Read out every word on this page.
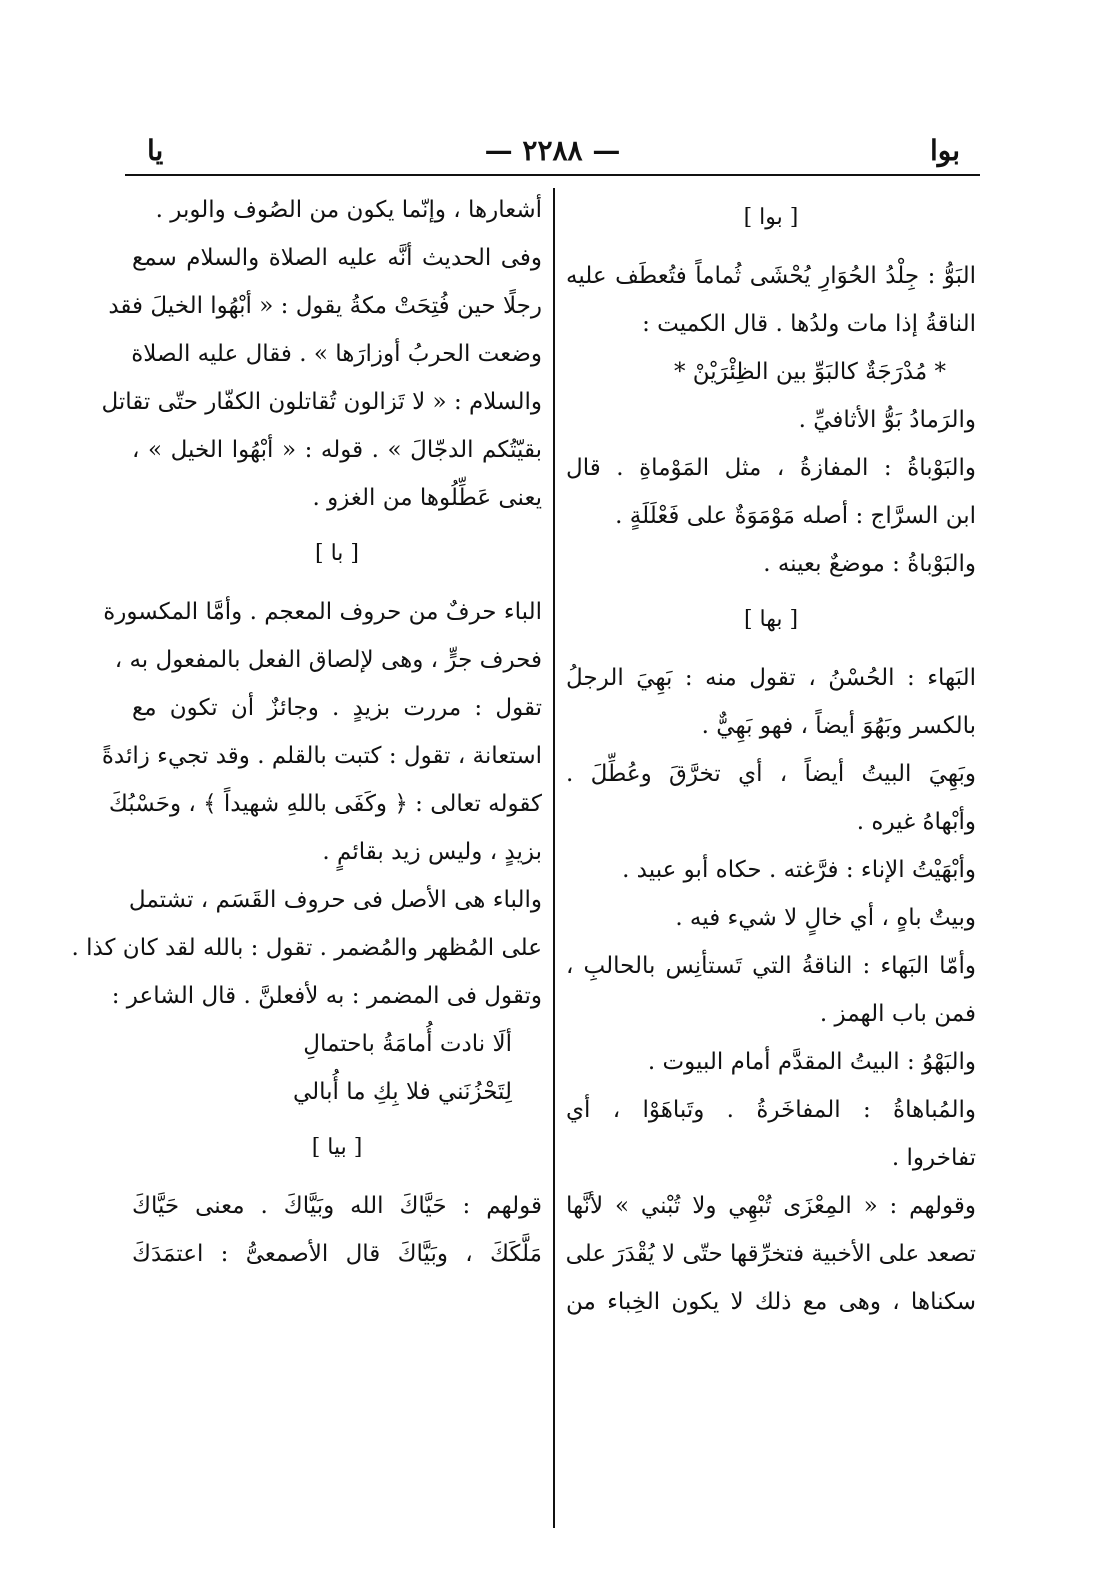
بوا
— ٢٢٨٨ —
يا
[ بوا ]
البَوُّ : جِلْدُ الحُوَارِ يُحْشَى ثُماماً فتُعطَف عليه
الناقةُ إذا مات ولدُها . قال الكميت :
* مُدْرَجَةٌ كالبَوِّ بين الظِئْرَيْنْ *
والرَمادُ بَوُّ الأثافيِّ .
والبَوْباةُ : المفازةُ ، مثل المَوْماةِ . قال
ابن السرَّاج : أصله مَوْمَوَةٌ على فَعْلَلَةٍ .
والبَوْباةُ : موضعٌ بعينه .
[ بها ]
البَهاء : الحُسْنُ ، تقول منه : بَهِيَ الرجلُ
بالكسر وبَهُوَ أيضاً ، فهو بَهِيٌّ .
وبَهِيَ البيتُ أيضاً ، أي تخرَّقَ وعُطِّلَ .
وأبْهاهُ غيره .
وأبْهَيْتُ الإناء : فرَّغته . حكاه أبو عبيد .
وبيتٌ باهٍ ، أي خالٍ لا شيء فيه .
وأمّا البَهاء : الناقةُ التي تَستأنِس بالحالبِ ،
فمن باب الهمز .
والبَهْوُ : البيتُ المقدَّم أمام البيوت .
والمُباهاةُ : المفاخَرةُ . وتَباهَوْا ، أي
تفاخروا .
وقولهم : « المِعْزَى تُبْهِي ولا تُبْني » لأنَّها
تصعد على الأخبية فتخرِّقها حتّى لا يُقْدَرَ على
سكناها ، وهى مع ذلك لا يكون الخِباء من
أشعارها ، وإنّما يكون من الصُوف والوبر .
وفى الحديث أنَّه عليه الصلاة والسلام سمع
رجلًا حين فُتِحَتْ مكةُ يقول : « أبْهُوا الخيلَ فقد
وضعت الحربُ أوزارَها » . فقال عليه الصلاة
والسلام : « لا تَزالون تُقاتلون الكفّار حتّى تقاتل
بقيّتُكم الدجّالَ » . قوله : « أبْهُوا الخيل » ،
يعنى عَطِّلُوها من الغزو .
[ با ]
الباء حرفٌ من حروف المعجم . وأمَّا المكسورة
فحرف جرٍّ ، وهى لإلصاق الفعل بالمفعول به ،
تقول : مررت بزيدٍ . وجائزٌ أن تكون مع
استعانة ، تقول : كتبت بالقلم . وقد تجيء زائدةً
كقوله تعالى : ﴿ وكَفَى باللهِ شهيداً ﴾ ، وحَسْبُكَ
بزيدٍ ، وليس زيد بقائمٍ .
والباء هى الأصل فى حروف القَسَم ، تشتمل
على المُظهر والمُضمر . تقول : بالله لقد كان كذا .
وتقول فى المضمر : به لأفعلنَّ . قال الشاعر :
ألَا نادت أُمامَةُ باحتمالِ
لِتَحْزُنَني فلا بِكِ ما أُبالي
[ بيا ]
قولهم : حَيَّاكَ الله وبَيَّاكَ . معنى حَيَّاكَ
مَلَّكَكَ ، وبَيَّاكَ قال الأصمعىُّ : اعتمَدَكَ
